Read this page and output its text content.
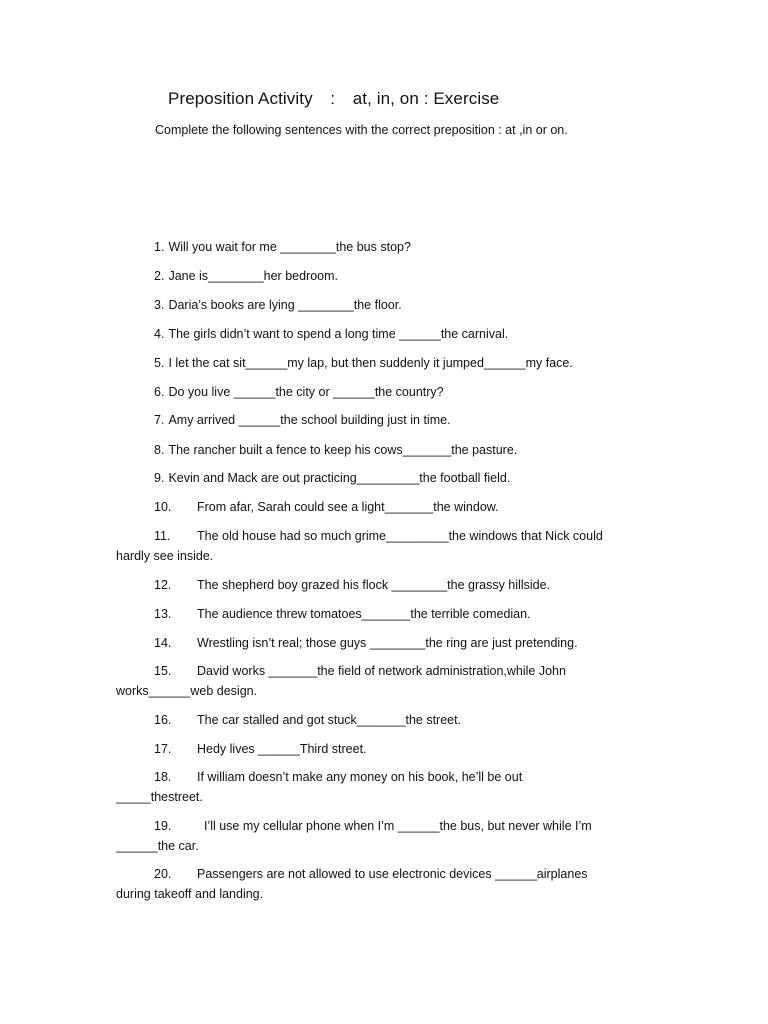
Preposition Activity : at, in, on : Exercise
Complete the following sentences with the correct preposition : at ,in or on.
1. Will you wait for me ________the bus stop?
2. Jane is________her bedroom.
3. Daria’s books are lying ________the floor.
4. The girls didn’t want to spend a long time ______the carnival.
5. I let the cat sit______my lap, but then suddenly it jumped______my face.
6. Do you live ______the city or ______the country?
7. Amy arrived ______the school building just in time.
8. The rancher built a fence to keep his cows_______the pasture.
9. Kevin and Mack are out practicing_________the football field.
10. From afar, Sarah could see a light_______the window.
11. The old house had so much grime_________the windows that Nick could
hardly see inside.
12. The shepherd boy grazed his flock ________the grassy hillside.
13. The audience threw tomatoes_______the terrible comedian.
14. Wrestling isn’t real; those guys ________the ring are just pretending.
15. David works _______the field of network administration,while John
works______web design.
16. The car stalled and got stuck_______the street.
17. Hedy lives ______Third street.
18. If william doesn’t make any money on his book, he’ll be out
_____thestreet.
19.  I’ll use my cellular phone when I’m ______the bus, but never while I’m
______the car.
20. Passengers are not allowed to use electronic devices ______airplanes
during takeoff and landing.
